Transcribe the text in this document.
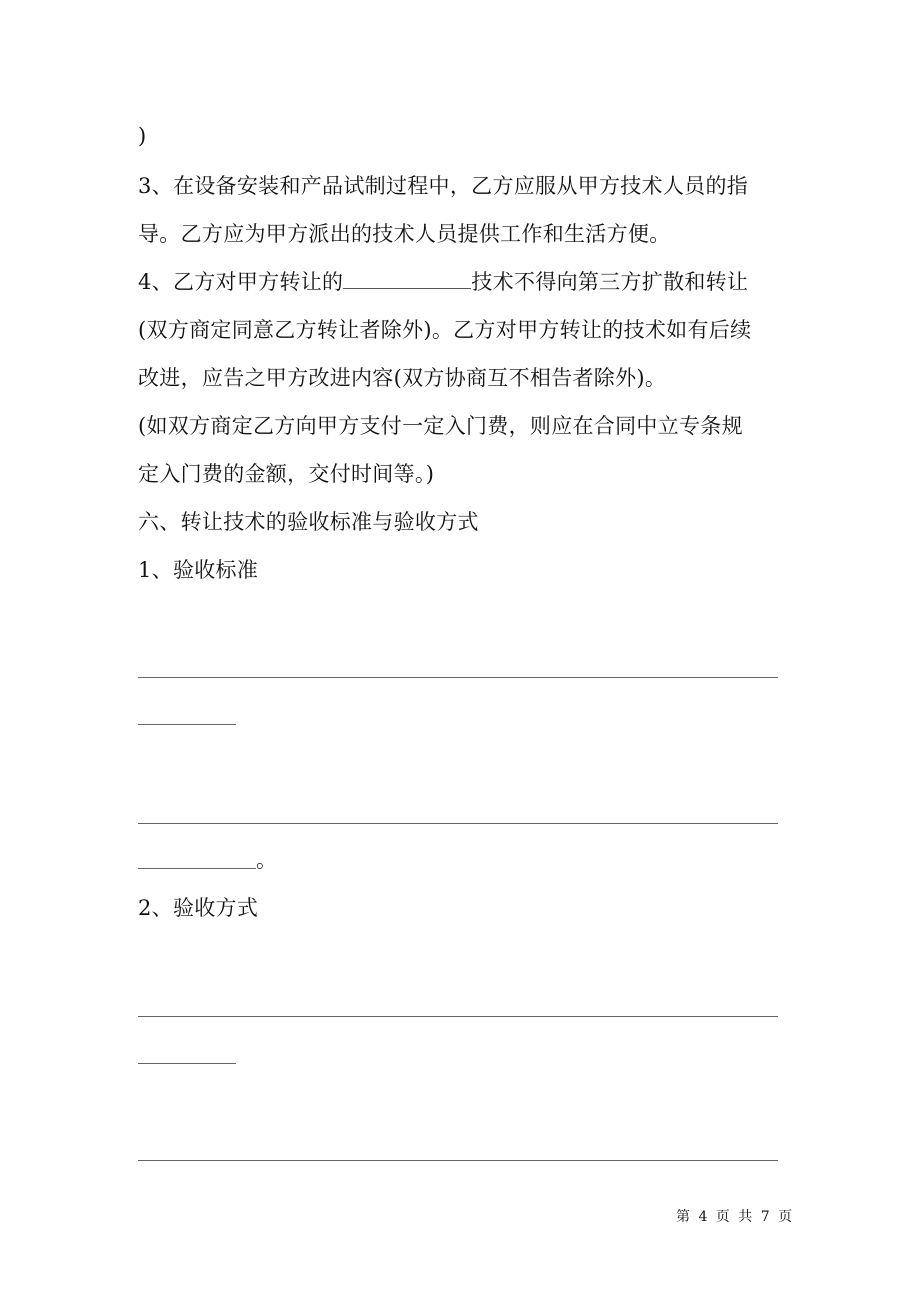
)
3、在设备安装和产品试制过程中，乙方应服从甲方技术人员的指
导。乙方应为甲方派出的技术人员提供工作和生活方便。
4、乙方对甲方转让的	技术不得向第三方扩散和转让
(双方商定同意乙方转让者除外)。乙方对甲方转让的技术如有后续
改进，应告之甲方改进内容(双方协商互不相告者除外)。
(如双方商定乙方向甲方支付一定入门费，则应在合同中立专条规
定入门费的金额，交付时间等。)
六、转让技术的验收标准与验收方式
1、验收标准
。
2、验收方式
第 4 页 共 7 页
